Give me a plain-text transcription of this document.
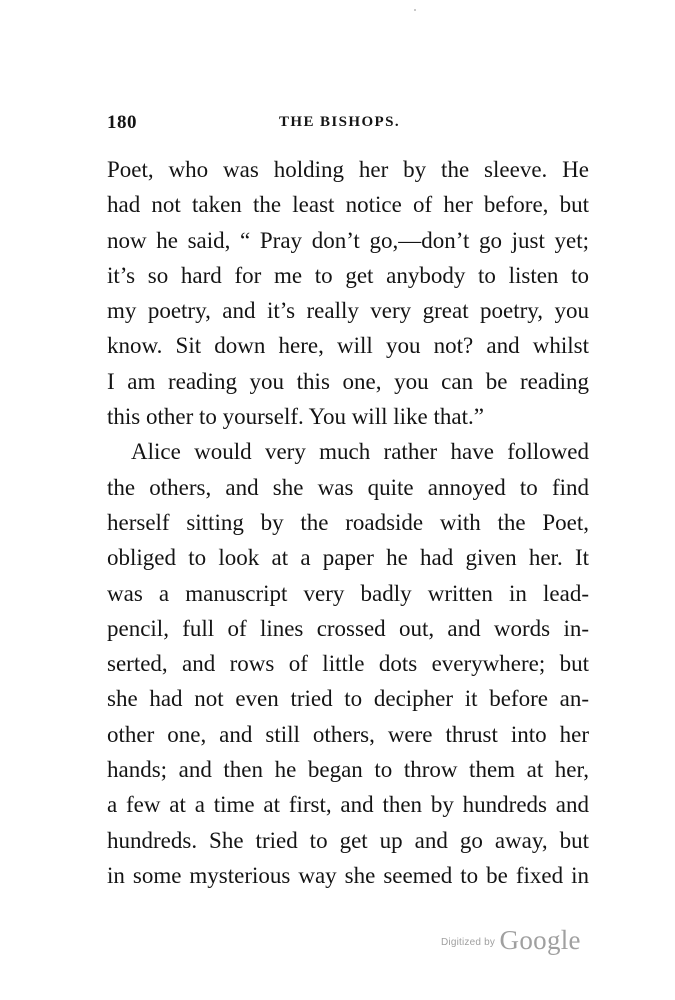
180	THE BISHOPS.
Poet, who was holding her by the sleeve. He
had not taken the least notice of her before, but
now he said, “ Pray don’t go,—don’t go just yet;
it’s so hard for me to get anybody to listen to
my poetry, and it’s really very great poetry, you
know. Sit down here, will you not? and whilst
I am reading you this one, you can be reading
this other to yourself. You will like that.”
Alice would very much rather have followed
the others, and she was quite annoyed to find
herself sitting by the roadside with the Poet,
obliged to look at a paper he had given her. It
was a manuscript very badly written in lead-
pencil, full of lines crossed out, and words in-
serted, and rows of little dots everywhere; but
she had not even tried to decipher it before an-
other one, and still others, were thrust into her
hands; and then he began to throw them at her,
a few at a time at first, and then by hundreds and
hundreds. She tried to get up and go away, but
in some mysterious way she seemed to be fixed in
$^{Digitized by}$ Google
